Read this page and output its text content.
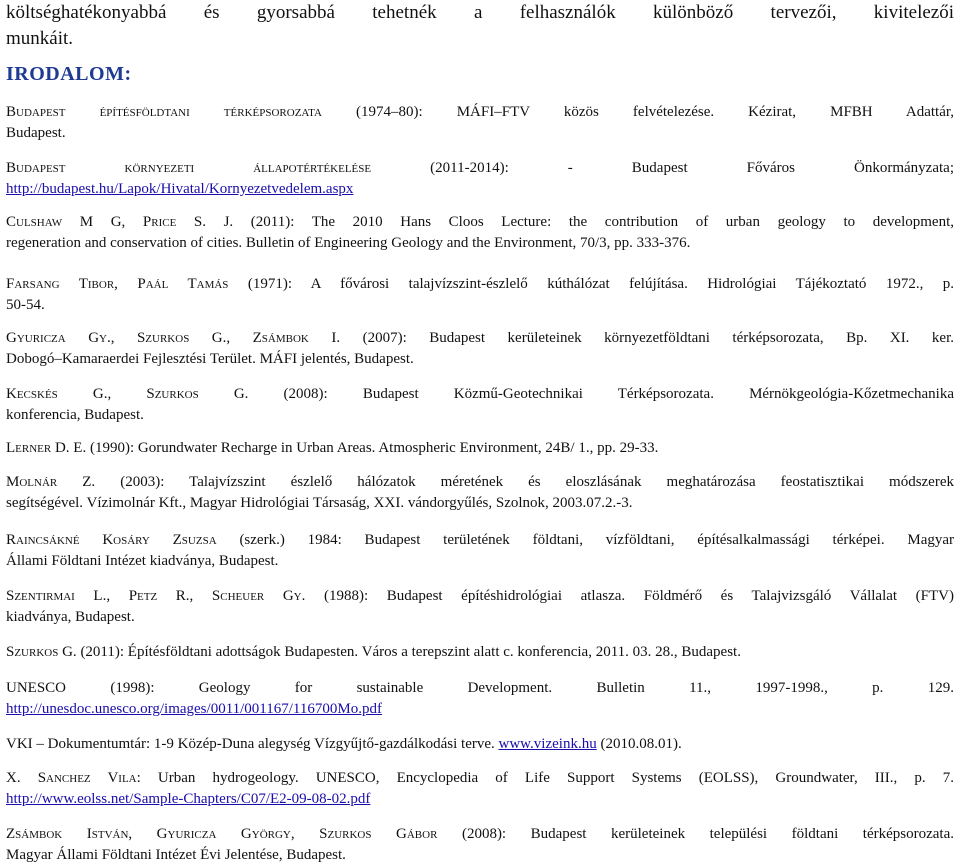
költséghatékonyabbá és gyorsabbá tehetnék a felhasználók különböző tervezői, kivitelezői
munkáit.
IRODALOM:
Budapest építésföldtani térképsorozata (1974–80): MÁFI–FTV közös felvételezése. Kézirat, MFBH Adattár,
Budapest.
Budapest környezeti állapotértékelése (2011-2014): - Budapest Főváros Önkormányzata;
http://budapest.hu/Lapok/Hivatal/Kornyezetvedelem.aspx
Culshaw M G, Price S. J. (2011): The 2010 Hans Cloos Lecture: the contribution of urban geology to development,
regeneration and conservation of cities. Bulletin of Engineering Geology and the Environment, 70/3, pp. 333-376.
Farsang Tibor, Paál Tamás (1971): A fővárosi talajvízszint-észlelő kúthálózat felújítása. Hidrológiai Tájékoztató 1972., p.
50-54.
Gyuricza Gy., Szurkos G., Zsámbok I. (2007): Budapest kerületeinek környezetföldtani térképsorozata, Bp. XI. ker.
Dobogó–Kamaraerdei Fejlesztési Terület. MÁFI jelentés, Budapest.
Kecskés G., Szurkos G. (2008): Budapest Közmű-Geotechnikai Térképsorozata. Mérnökgeológia-Kőzetmechanika
konferencia, Budapest.
Lerner D. E. (1990): Gorundwater Recharge in Urban Areas. Atmospheric Environment, 24B/ 1., pp. 29-33.
Molnár Z. (2003): Talajvízszint észlelő hálózatok méretének és eloszlásának meghatározása feostatisztikai módszerek
segítségével. Vízimolnár Kft., Magyar Hidrológiai Társaság, XXI. vándorgyűlés, Szolnok, 2003.07.2.-3.
Raincsákné Kosáry Zsuzsa (szerk.) 1984: Budapest területének földtani, vízföldtani, építésalkalmassági térképei. Magyar
Állami Földtani Intézet kiadványa, Budapest.
Szentirmai L., Petz R., Scheuer Gy. (1988): Budapest építéshidrológiai atlasza. Földmérő és Talajvizsgáló Vállalat (FTV)
kiadványa, Budapest.
Szurkos G. (2011): Építésföldtani adottságok Budapesten. Város a terepszint alatt c. konferencia, 2011. 03. 28., Budapest.
UNESCO (1998): Geology for sustainable Development. Bulletin 11., 1997-1998., p. 129.
http://unesdoc.unesco.org/images/0011/001167/116700Mo.pdf
VKI – Dokumentumtár: 1-9 Közép-Duna alegység Vízgyűjtő-gazdálkodási terve. www.vizeink.hu (2010.08.01).
X. Sanchez Vila: Urban hydrogeology. UNESCO, Encyclopedia of Life Support Systems (EOLSS), Groundwater, III., p. 7.
http://www.eolss.net/Sample-Chapters/C07/E2-09-08-02.pdf
Zsámbok István, Gyuricza György, Szurkos Gábor (2008): Budapest kerületeinek települési földtani térképsorozata.
Magyar Állami Földtani Intézet Évi Jelentése, Budapest.
